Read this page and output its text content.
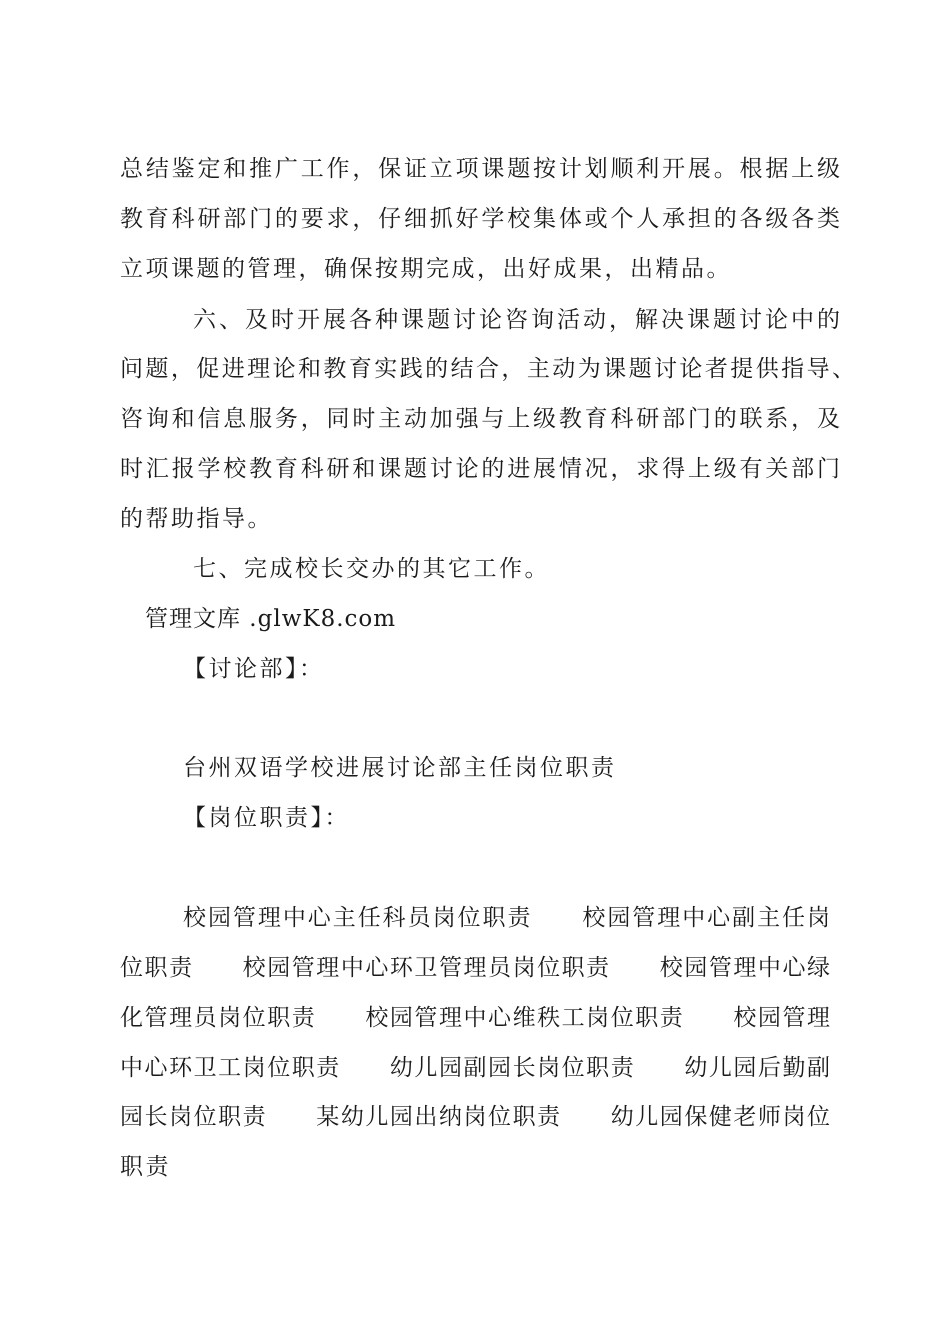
总结鉴定和推广工作，保证立项课题按计划顺利开展。根据上级
教育科研部门的要求，仔细抓好学校集体或个人承担的各级各类
立项课题的管理，确保按期完成，出好成果，出精品。
六、及时开展各种课题讨论咨询活动，解决课题讨论中的
问题，促进理论和教育实践的结合，主动为课题讨论者提供指导、
咨询和信息服务，同时主动加强与上级教育科研部门的联系，及
时汇报学校教育科研和课题讨论的进展情况，求得上级有关部门
的帮助指导。
七、完成校长交办的其它工作。
管理文库 .glwK8.com
【讨论部】：
台州双语学校进展讨论部主任岗位职责
【岗位职责】：
校园管理中心主任科员岗位职责　　校园管理中心副主任岗
位职责　　校园管理中心环卫管理员岗位职责　　校园管理中心绿
化管理员岗位职责　　校园管理中心维秩工岗位职责　　校园管理
中心环卫工岗位职责　　幼儿园副园长岗位职责　　幼儿园后勤副
园长岗位职责　　某幼儿园出纳岗位职责　　幼儿园保健老师岗位
职责
